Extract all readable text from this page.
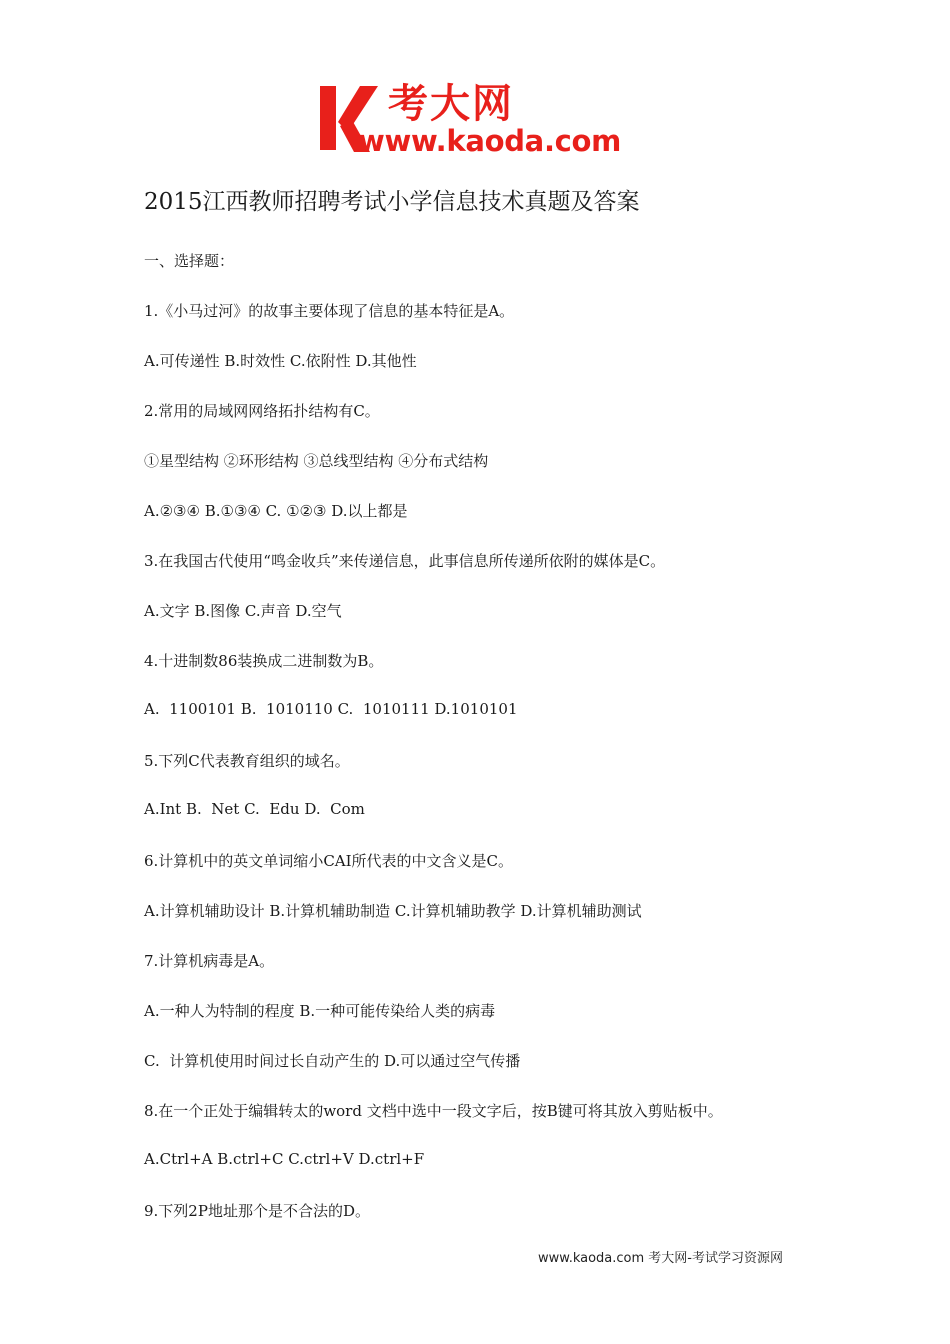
考大网
www.kaoda.com
2015江西教师招聘考试小学信息技术真题及答案
一、选择题：
1.《小马过河》的故事主要体现了信息的基本特征是A。
A.可传递性 B.时效性 C.依附性 D.其他性
2.常用的局域网网络拓扑结构有C。
①星型结构 ②环形结构 ③总线型结构 ④分布式结构
A.②③④ B.①③④ C. ①②③ D.以上都是
3.在我国古代使用“鸣金收兵”来传递信息，此事信息所传递所依附的媒体是C。
A.文字 B.图像 C.声音 D.空气
4.十进制数86装换成二进制数为B。
A.  1100101 B.  1010110 C.  1010111 D.1010101
5.下列C代表教育组织的域名。
A.Int B.  Net C.  Edu D.  Com
6.计算机中的英文单词缩小CAI所代表的中文含义是C。
A.计算机辅助设计 B.计算机辅助制造 C.计算机辅助教学 D.计算机辅助测试
7.计算机病毒是A。
A.一种人为特制的程度 B.一种可能传染给人类的病毒
C.  计算机使用时间过长自动产生的 D.可以通过空气传播
8.在一个正处于编辑转太的word 文档中选中一段文字后，按B键可将其放入剪贴板中。
A.Ctrl+A B.ctrl+C C.ctrl+V D.ctrl+F
9.下列2P地址那个是不合法的D。
www.kaoda.com 考大网-考试学习资源网
